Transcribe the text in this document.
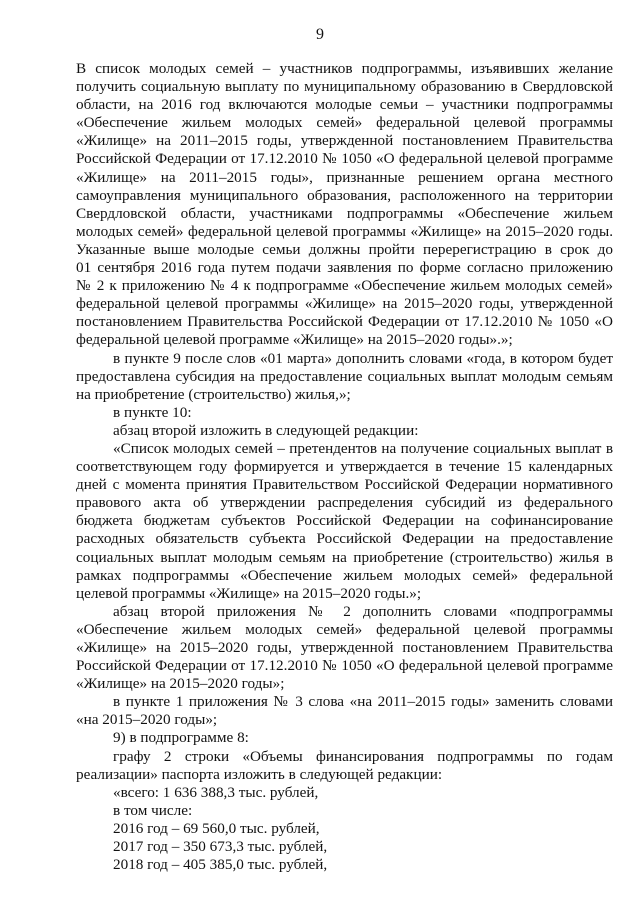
9
В список молодых семей – участников подпрограммы, изъявивших желание
получить социальную выплату по муниципальному образованию в Свердловской
области, на 2016 год включаются молодые семьи – участники подпрограммы
«Обеспечение жильем молодых семей» федеральной целевой программы
«Жилище» на 2011–2015 годы, утвержденной постановлением Правительства
Российской Федерации от 17.12.2010 № 1050 «О федеральной целевой программе
«Жилище» на 2011–2015 годы», признанные решением органа местного
самоуправления муниципального образования, расположенного на территории
Свердловской области, участниками подпрограммы «Обеспечение жильем
молодых семей» федеральной целевой программы «Жилище» на 2015–2020 годы.
Указанные выше молодые семьи должны пройти перерегистрацию в срок до
01 сентября 2016 года путем подачи заявления по форме согласно приложению
№ 2 к приложению № 4 к подпрограмме «Обеспечение жильем молодых семей»
федеральной целевой программы «Жилище» на 2015–2020 годы, утвержденной
постановлением Правительства Российской Федерации от 17.12.2010 № 1050 «О
федеральной целевой программе «Жилище» на 2015–2020 годы».»;
в пункте 9 после слов «01 марта» дополнить словами «года, в котором будет
предоставлена субсидия на предоставление социальных выплат молодым семьям
на приобретение (строительство) жилья,»;
в пункте 10:
абзац второй изложить в следующей редакции:
«Список молодых семей – претендентов на получение социальных выплат в
соответствующем году формируется и утверждается в течение 15 календарных
дней с момента принятия Правительством Российской Федерации нормативного
правового акта об утверждении распределения субсидий из федерального
бюджета бюджетам субъектов Российской Федерации на софинансирование
расходных обязательств субъекта Российской Федерации на предоставление
социальных выплат молодым семьям на приобретение (строительство) жилья в
рамках подпрограммы «Обеспечение жильем молодых семей» федеральной
целевой программы «Жилище» на 2015–2020 годы.»;
абзац второй приложения № 2 дополнить словами «подпрограммы
«Обеспечение жильем молодых семей» федеральной целевой программы
«Жилище» на 2015–2020 годы, утвержденной постановлением Правительства
Российской Федерации от 17.12.2010 № 1050 «О федеральной целевой программе
«Жилище» на 2015–2020 годы»;
в пункте 1 приложения № 3 слова «на 2011–2015 годы» заменить словами
«на 2015–2020 годы»;
9) в подпрограмме 8:
графу 2 строки «Объемы финансирования подпрограммы по годам
реализации» паспорта изложить в следующей редакции:
«всего: 1 636 388,3 тыс. рублей,
в том числе:
2016 год – 69 560,0 тыс. рублей,
2017 год – 350 673,3 тыс. рублей,
2018 год – 405 385,0 тыс. рублей,
